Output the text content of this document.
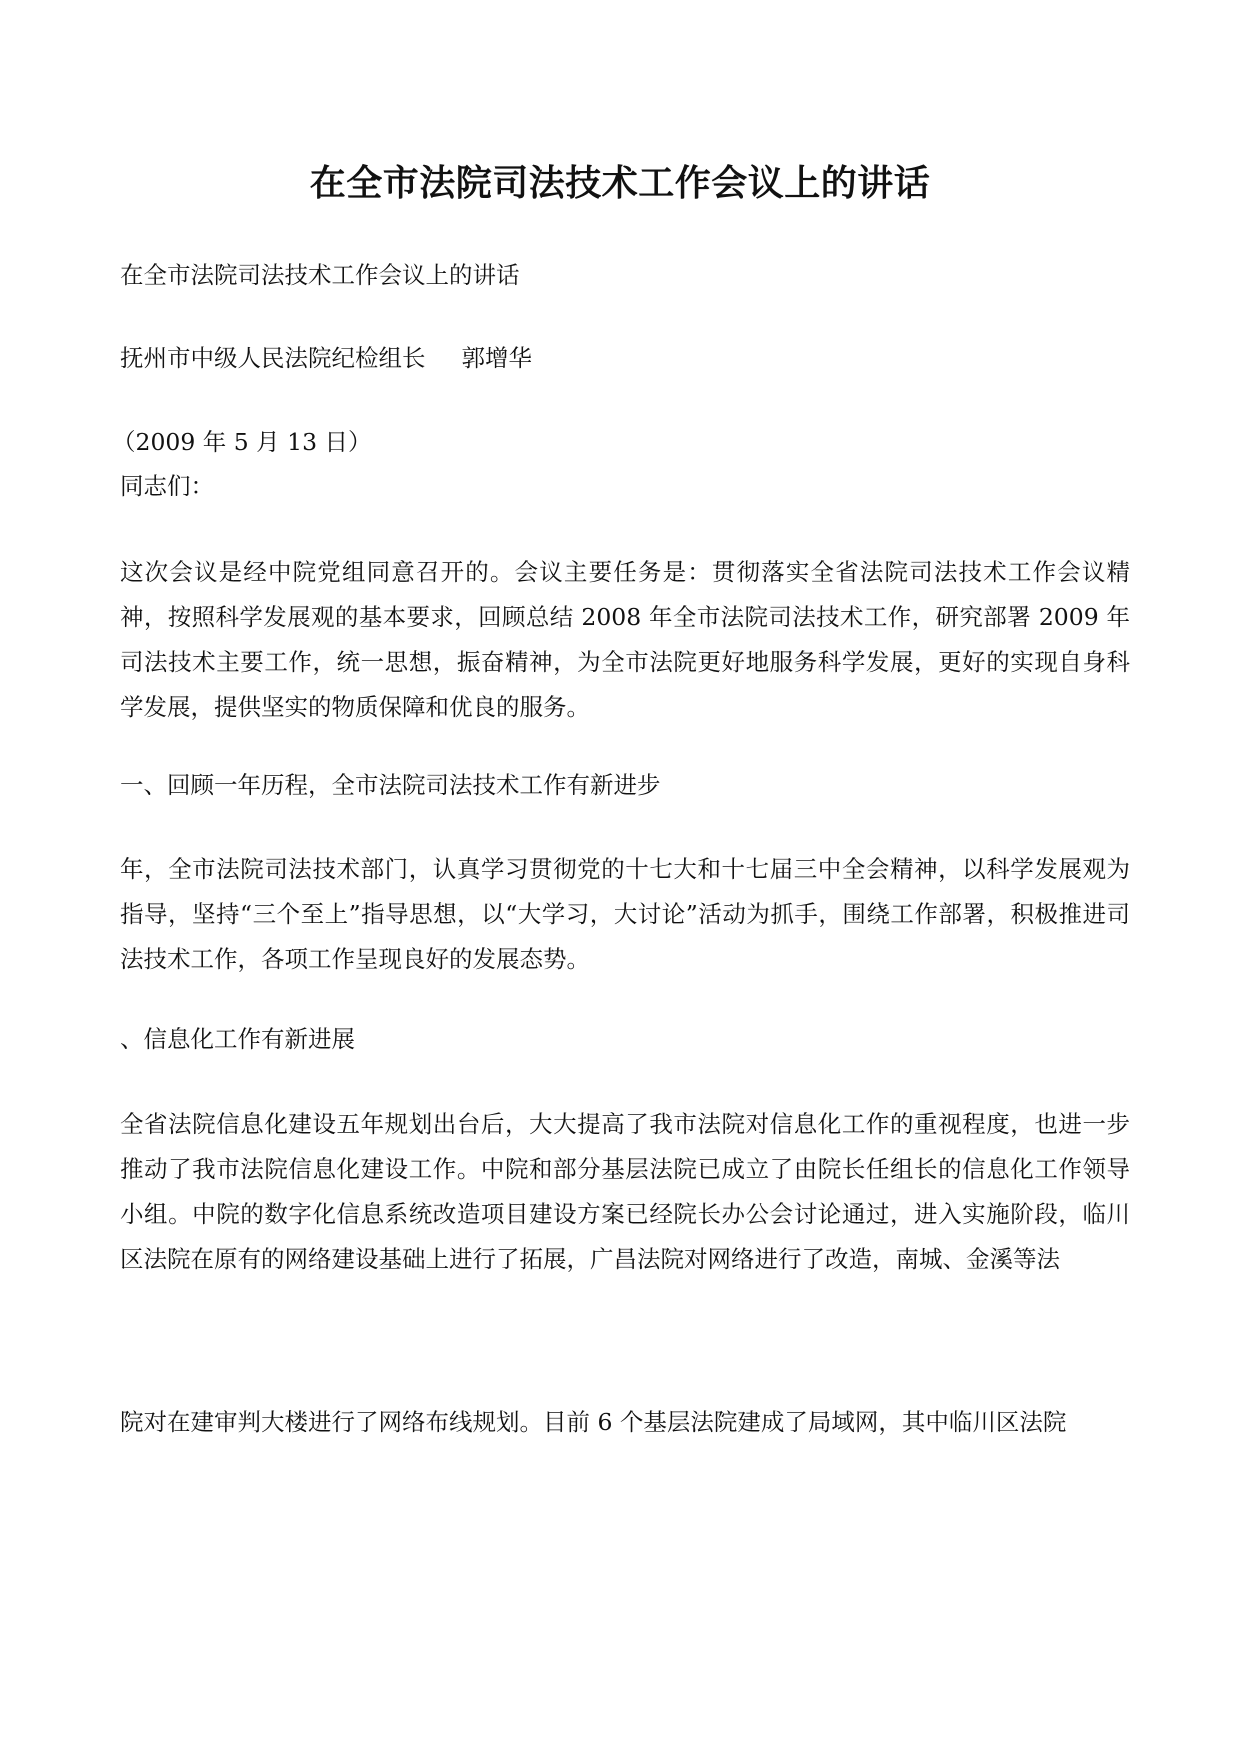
在全市法院司法技术工作会议上的讲话

在全市法院司法技术工作会议上的讲话

抚州市中级人民法院纪检组长 郭增华

（2009 年 5 月 13 日）

同志们：

这次会议是经中院党组同意召开的。会议主要任务是：贯彻落实全省法院司法技术工作会议精神，按照科学发展观的基本要求，回顾总结 2008 年全市法院司法技术工作，研究部署 2009 年司法技术主要工作，统一思想，振奋精神，为全市法院更好地服务科学发展，更好的实现自身科学发展，提供坚实的物质保障和优良的服务。

一、回顾一年历程，全市法院司法技术工作有新进步

年，全市法院司法技术部门，认真学习贯彻党的十七大和十七届三中全会精神，以科学发展观为指导，坚持“三个至上”指导思想，以“大学习，大讨论”活动为抓手，围绕工作部署，积极推进司法技术工作，各项工作呈现良好的发展态势。

、信息化工作有新进展

全省法院信息化建设五年规划出台后，大大提高了我市法院对信息化工作的重视程度，也进一步推动了我市法院信息化建设工作。中院和部分基层法院已成立了由院长任组长的信息化工作领导小组。中院的数字化信息系统改造项目建设方案已经院长办公会讨论通过，进入实施阶段，临川区法院在原有的网络建设基础上进行了拓展，广昌法院对网络进行了改造，南城、金溪等法

院对在建审判大楼进行了网络布线规划。目前 6 个基层法院建成了局域网，其中临川区法院
